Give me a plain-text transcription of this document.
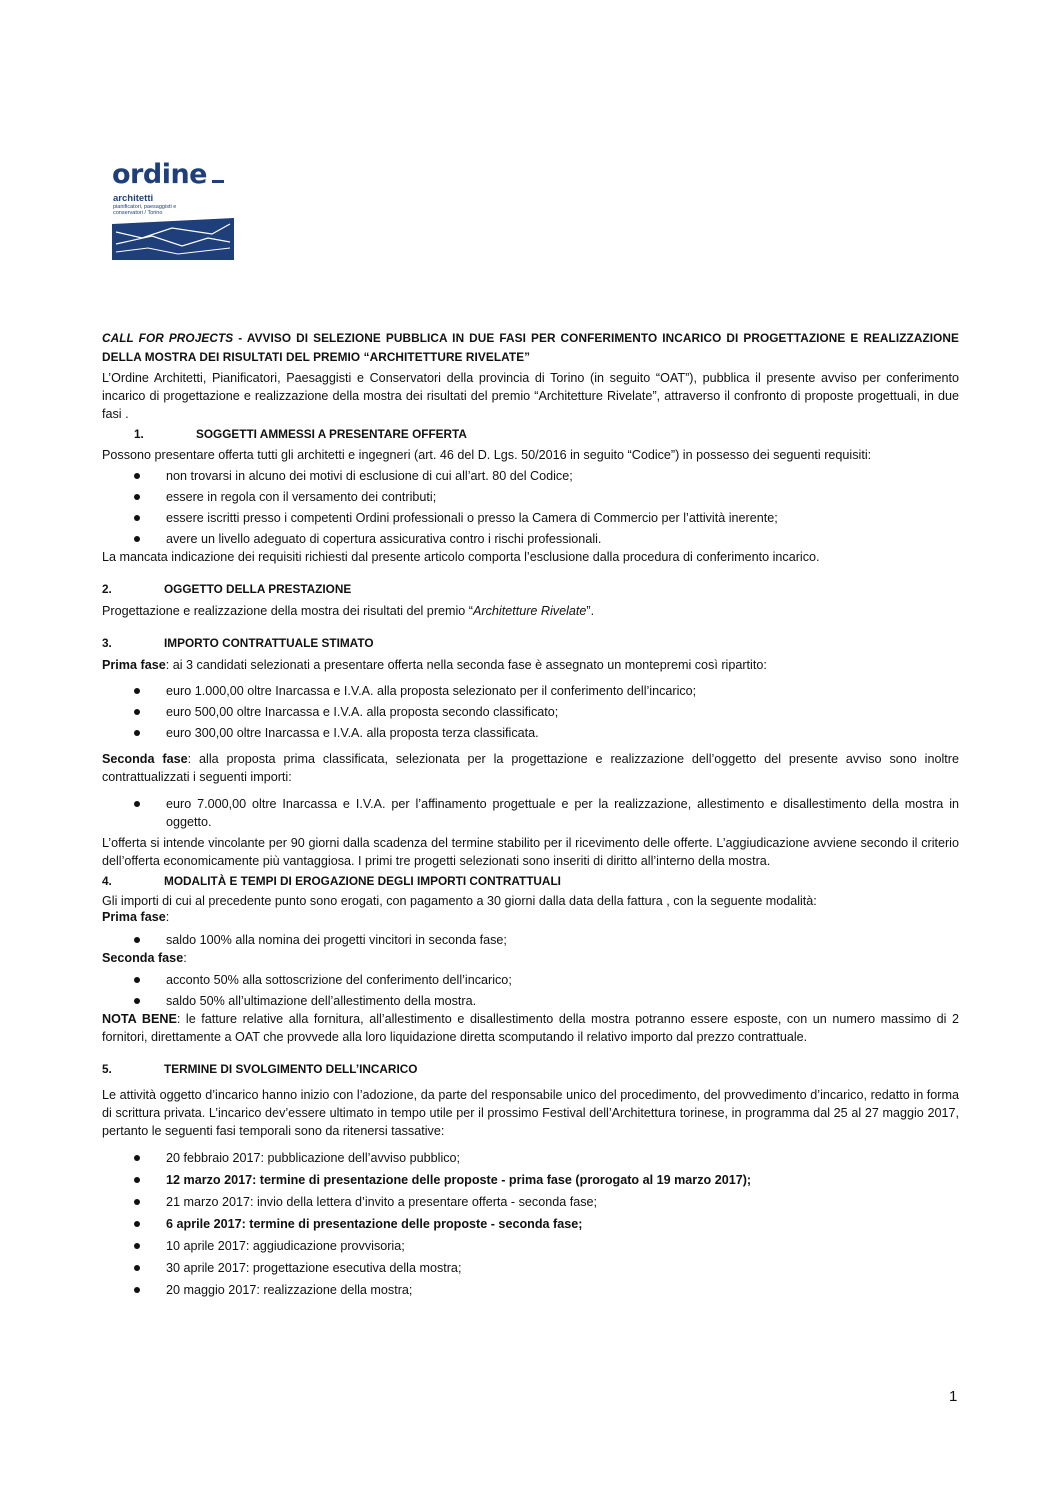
ordine
architetti
pianificatori, paesaggisti e conservatori / Torino

CALL FOR PROJECTS - AVVISO DI SELEZIONE PUBBLICA IN DUE FASI PER CONFERIMENTO INCARICO DI PROGETTAZIONE E REALIZZAZIONE DELLA MOSTRA DEI RISULTATI DEL PREMIO “ARCHITETTURE RIVELATE”

L’Ordine Architetti, Pianificatori, Paesaggisti e Conservatori della provincia di Torino (in seguito “OAT”), pubblica il presente avviso per conferimento incarico di progettazione e realizzazione della mostra dei risultati del premio “Architetture Rivelate”, attraverso il confronto di proposte progettuali, in due fasi .

1.	SOGGETTI AMMESSI A PRESENTARE OFFERTA

Possono presentare offerta tutti gli architetti e ingegneri (art. 46 del D. Lgs. 50/2016 in seguito “Codice”) in possesso dei seguenti requisiti:

non trovarsi in alcuno dei motivi di esclusione di cui all’art. 80 del Codice;
essere in regola con il versamento dei contributi;
essere iscritti presso i competenti Ordini professionali o presso la Camera di Commercio per l’attività inerente;
avere un livello adeguato di copertura assicurativa contro i rischi professionali.

La mancata indicazione dei requisiti richiesti dal presente articolo comporta l’esclusione dalla procedura di conferimento incarico.

2.	OGGETTO DELLA PRESTAZIONE

Progettazione e realizzazione della mostra dei risultati del premio “Architetture Rivelate”.

3.	IMPORTO CONTRATTUALE STIMATO

Prima fase: ai 3 candidati selezionati a presentare offerta nella seconda fase è assegnato un montepremi così ripartito:

euro 1.000,00 oltre Inarcassa e I.V.A. alla proposta selezionato per il conferimento dell’incarico;
euro 500,00 oltre Inarcassa e I.V.A. alla proposta secondo classificato;
euro 300,00 oltre Inarcassa e I.V.A. alla proposta terza classificata.

Seconda fase: alla proposta prima classificata, selezionata per la progettazione e realizzazione dell’oggetto del presente avviso sono inoltre contrattualizzati i seguenti importi:

euro 7.000,00 oltre Inarcassa e I.V.A. per l’affinamento progettuale e per la realizzazione, allestimento e disallestimento della mostra in oggetto.

L’offerta si intende vincolante per 90 giorni dalla scadenza del termine stabilito per il ricevimento delle offerte. L’aggiudicazione avviene secondo il criterio dell’offerta economicamente più vantaggiosa. I primi tre progetti selezionati sono inseriti di diritto all’interno della mostra.

4.	MODALITÀ E TEMPI DI EROGAZIONE DEGLI IMPORTI CONTRATTUALI

Gli importi di cui al precedente punto sono erogati, con pagamento a 30 giorni dalla data della fattura , con la seguente modalità:

Prima fase:

saldo 100% alla nomina dei progetti vincitori in seconda fase;

Seconda fase:

acconto 50% alla sottoscrizione del conferimento dell’incarico;
saldo 50% all’ultimazione dell’allestimento della mostra.

NOTA BENE: le fatture relative alla fornitura, all’allestimento e disallestimento della mostra potranno essere esposte, con un numero massimo di 2 fornitori, direttamente a OAT che provvede alla loro liquidazione diretta scomputando il relativo importo dal prezzo contrattuale.

5.	TERMINE DI SVOLGIMENTO DELL’INCARICO

Le attività oggetto d’incarico hanno inizio con l’adozione, da parte del responsabile unico del procedimento, del provvedimento d’incarico, redatto in forma di scrittura privata. L’incarico dev’essere ultimato in tempo utile per il prossimo Festival dell’Architettura torinese, in programma dal 25 al 27 maggio 2017, pertanto le seguenti fasi temporali sono da ritenersi tassative:

20 febbraio 2017: pubblicazione dell’avviso pubblico;
12 marzo 2017: termine di presentazione delle proposte - prima fase (prorogato al 19 marzo 2017);
21 marzo 2017: invio della lettera d’invito a presentare offerta - seconda fase;
6 aprile 2017: termine di presentazione delle proposte - seconda fase;
10 aprile 2017: aggiudicazione provvisoria;
30 aprile 2017: progettazione esecutiva della mostra;
20 maggio 2017: realizzazione della mostra;
1
